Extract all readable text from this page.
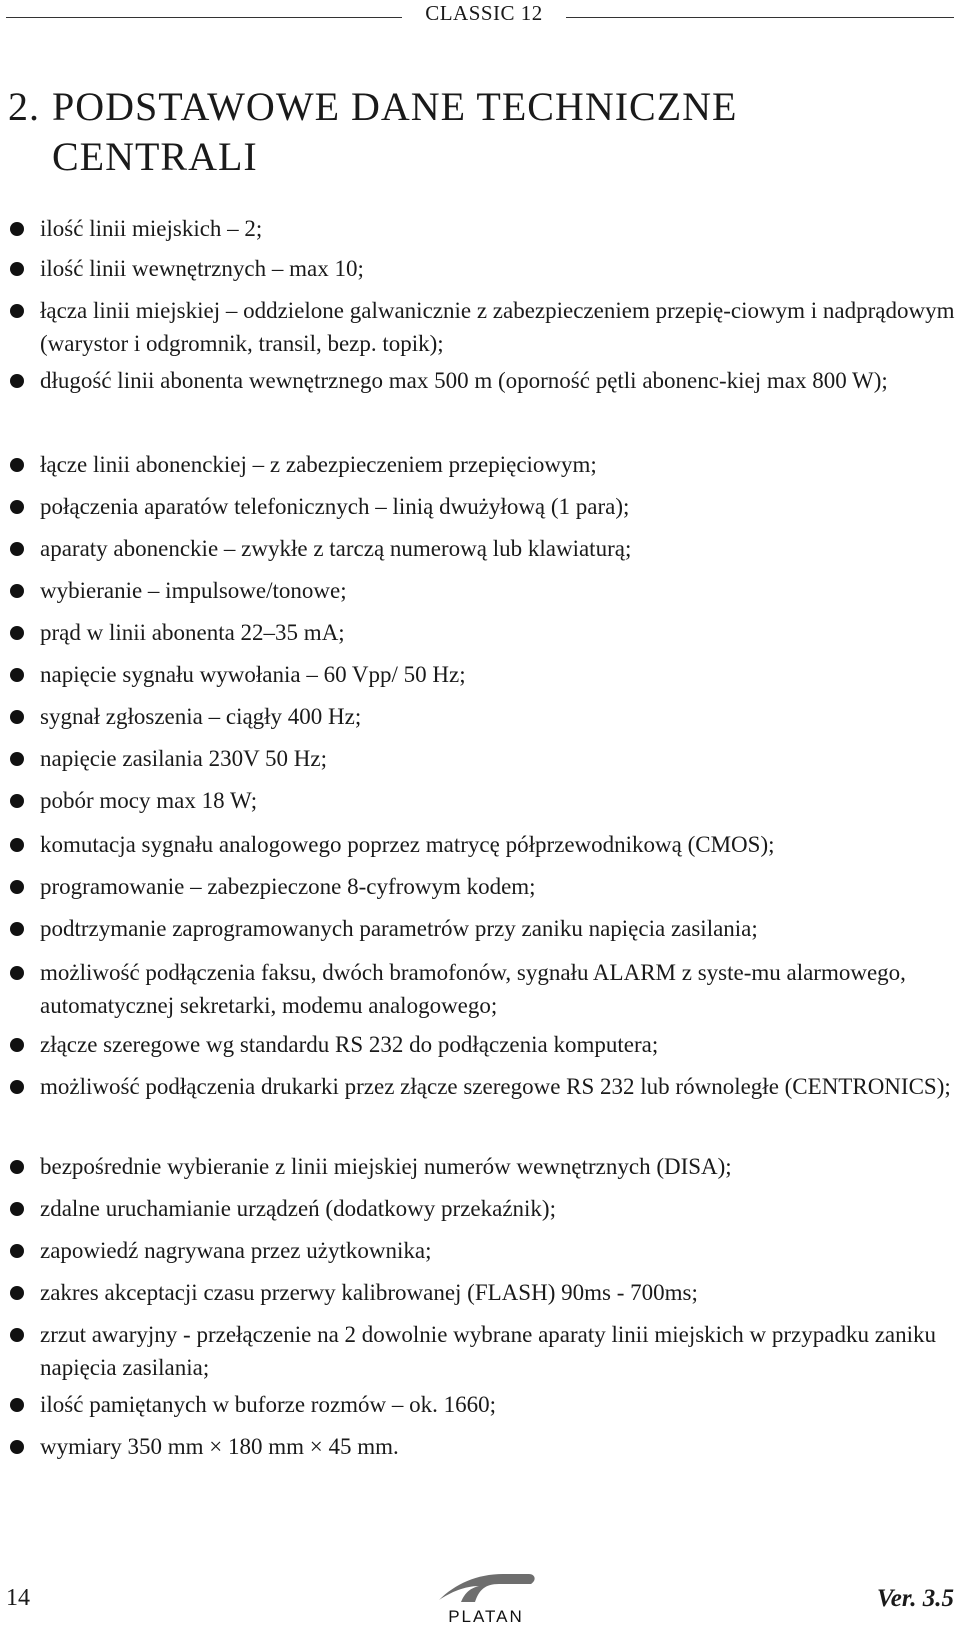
CLASSIC 12
2. PODSTAWOWE DANE TECHNICZNE
CENTRALI
ilość linii miejskich – 2;
ilość linii wewnętrznych – max 10;
łącza linii miejskiej – oddzielone galwanicznie z zabezpieczeniem przepię-ciowym i nadprądowym (warystor i odgromnik, transil, bezp. topik);
długość linii abonenta wewnętrznego max 500 m (oporność pętli abonenc-kiej max 800 W);
łącze linii abonenckiej – z zabezpieczeniem przepięciowym;
połączenia aparatów telefonicznych – linią dwużyłową (1 para);
aparaty abonenckie – zwykłe z tarczą numerową lub klawiaturą;
wybieranie – impulsowe/tonowe;
prąd w linii abonenta 22–35 mA;
napięcie sygnału wywołania – 60 Vpp/ 50 Hz;
sygnał zgłoszenia – ciągły 400 Hz;
napięcie zasilania 230V 50 Hz;
pobór mocy max 18 W;
komutacja sygnału analogowego poprzez matrycę półprzewodnikową (CMOS);
programowanie – zabezpieczone 8-cyfrowym kodem;
podtrzymanie zaprogramowanych parametrów przy zaniku napięcia zasilania;
możliwość podłączenia faksu, dwóch bramofonów, sygnału ALARM z syste-mu alarmowego, automatycznej sekretarki, modemu analogowego;
złącze szeregowe wg standardu RS 232 do podłączenia komputera;
możliwość podłączenia drukarki przez złącze szeregowe RS 232 lub równoległe (CENTRONICS);
bezpośrednie wybieranie z linii miejskiej numerów wewnętrznych (DISA);
zdalne uruchamianie urządzeń (dodatkowy przekaźnik);
zapowiedź nagrywana przez użytkownika;
zakres akceptacji czasu przerwy kalibrowanej (FLASH) 90ms - 700ms;
zrzut awaryjny - przełączenie na 2 dowolnie wybrane aparaty linii miejskich w przypadku zaniku napięcia zasilania;
ilość pamiętanych w buforze rozmów – ok. 1660;
wymiary 350 mm × 180 mm × 45 mm.
14
PLATAN
Ver. 3.5
